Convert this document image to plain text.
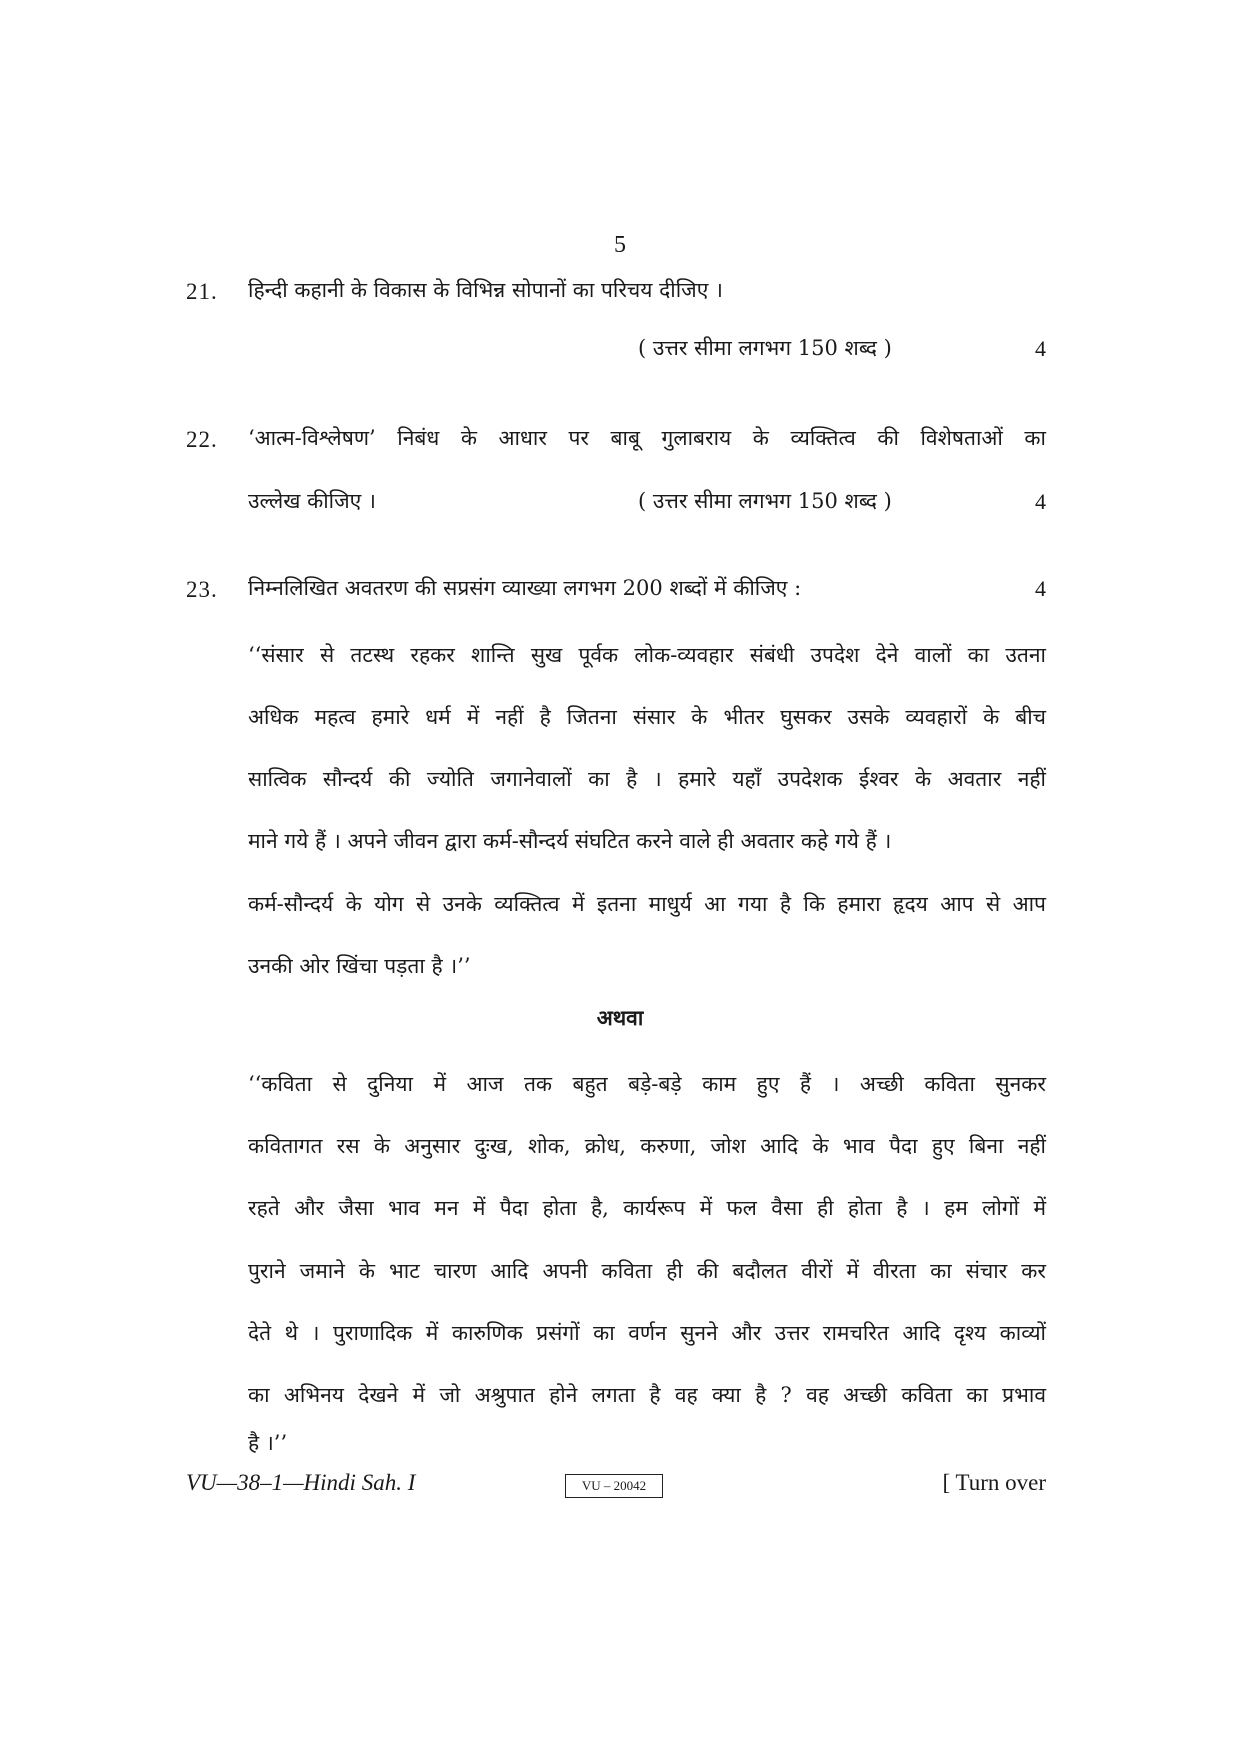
5
21.	हिन्दी कहानी के विकास के विभिन्न सोपानों का परिचय दीजिए ।
( उत्तर सीमा लगभग 150 शब्द )	4
22.	‘आत्म-विश्लेषण’ निबंध के आधार पर बाबू गुलाबराय के व्यक्तित्व की विशेषताओं का
उल्लेख कीजिए ।	( उत्तर सीमा लगभग 150 शब्द )	4
23.	निम्नलिखित अवतरण की सप्रसंग व्याख्या लगभग 200 शब्दों में कीजिए :	4
‘‘संसार से तटस्थ रहकर शान्ति सुख पूर्वक लोक-व्यवहार संबंधी उपदेश देने वालों का उतना
अधिक महत्व हमारे धर्म में नहीं है जितना संसार के भीतर घुसकर उसके व्यवहारों के बीच
सात्विक सौन्दर्य की ज्योति जगानेवालों का है । हमारे यहाँ उपदेशक ईश्वर के अवतार नहीं
माने गये हैं । अपने जीवन द्वारा कर्म-सौन्दर्य संघटित करने वाले ही अवतार कहे गये हैं ।
कर्म-सौन्दर्य के योग से उनके व्यक्तित्व में इतना माधुर्य आ गया है कि हमारा हृदय आप से आप
उनकी ओर खिंचा पड़ता है ।’’
अथवा
‘‘कविता से दुनिया में आज तक बहुत बड़े-बड़े काम हुए हैं । अच्छी कविता सुनकर
कवितागत रस के अनुसार दुःख, शोक, क्रोध, करुणा, जोश आदि के भाव पैदा हुए बिना नहीं
रहते और जैसा भाव मन में पैदा होता है, कार्यरूप में फल वैसा ही होता है । हम लोगों में
पुराने जमाने के भाट चारण आदि अपनी कविता ही की बदौलत वीरों में वीरता का संचार कर
देते थे । पुराणादिक में कारुणिक प्रसंगों का वर्णन सुनने और उत्तर रामचरित आदि दृश्य काव्यों
का अभिनय देखने में जो अश्रुपात होने लगता है वह क्या है ? वह अच्छी कविता का प्रभाव
है ।’’
VU—38–1—Hindi Sah. I	VU – 20042	[ Turn over
